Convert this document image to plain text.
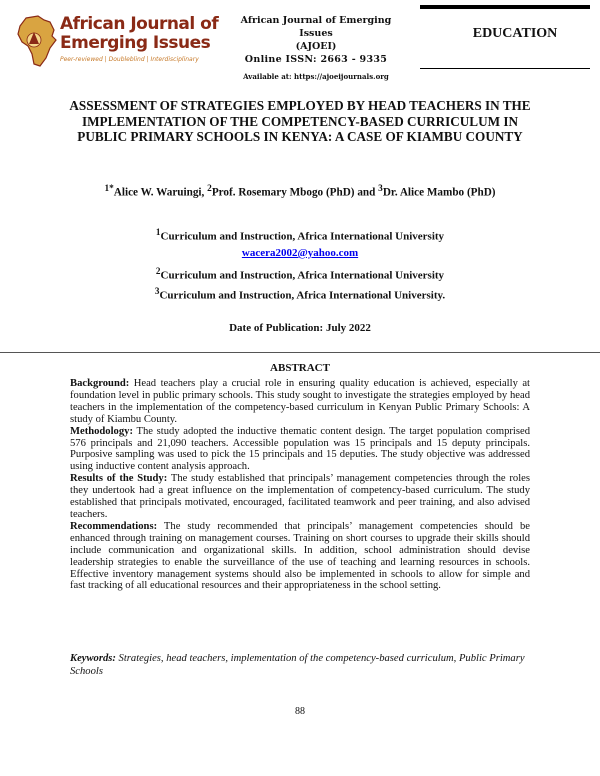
African Journal of
Emerging Issues
Peer-reviewed | Doubleblind | Interdisciplinary
African Journal of Emerging Issues
(AJOEI)
Online ISSN: 2663 - 9335
Available at: https://ajoeijournals.org
EDUCATION
ASSESSMENT OF STRATEGIES EMPLOYED BY HEAD TEACHERS IN THE IMPLEMENTATION OF THE COMPETENCY-BASED CURRICULUM IN PUBLIC PRIMARY SCHOOLS IN KENYA: A CASE OF KIAMBU COUNTY
$^{1*}$Alice W. Waruingi, $^2$Prof. Rosemary Mbogo (PhD) and $^3$Dr. Alice Mambo (PhD)
$^1$Curriculum and Instruction, Africa International University
wacera2002@yahoo.com
$^2$Curriculum and Instruction, Africa International University
$^3$Curriculum and Instruction, Africa International University.
Date of Publication: July 2022
ABSTRACT

Background: Head teachers play a crucial role in ensuring quality education is achieved, especially at foundation level in public primary schools. This study sought to investigate the strategies employed by head teachers in the implementation of the competency-based curriculum in Kenyan Public Primary Schools: A study of Kiambu County.

Methodology: The study adopted the inductive thematic content design. The target population comprised 576 principals and 21,090 teachers. Accessible population was 15 principals and 15 deputy principals. Purposive sampling was used to pick the 15 principals and 15 deputies. The study objective was addressed using inductive content analysis approach.

Results of the Study: The study established that principals’ management competencies through the roles they undertook had a great influence on the implementation of competency-based curriculum. The study established that principals motivated, encouraged, facilitated teamwork and peer training, and also advised teachers.

Recommendations: The study recommended that principals’ management competencies should be enhanced through training on management courses. Training on short courses to upgrade their skills should include communication and organizational skills. In addition, school administration should devise leadership strategies to enable the surveillance of the use of teaching and learning resources in schools. Effective inventory management systems should also be implemented in schools to allow for simple and fast tracking of all educational resources and their appropriateness in the school setting.

Keywords: Strategies, head teachers, implementation of the competency-based curriculum, Public Primary Schools
88
